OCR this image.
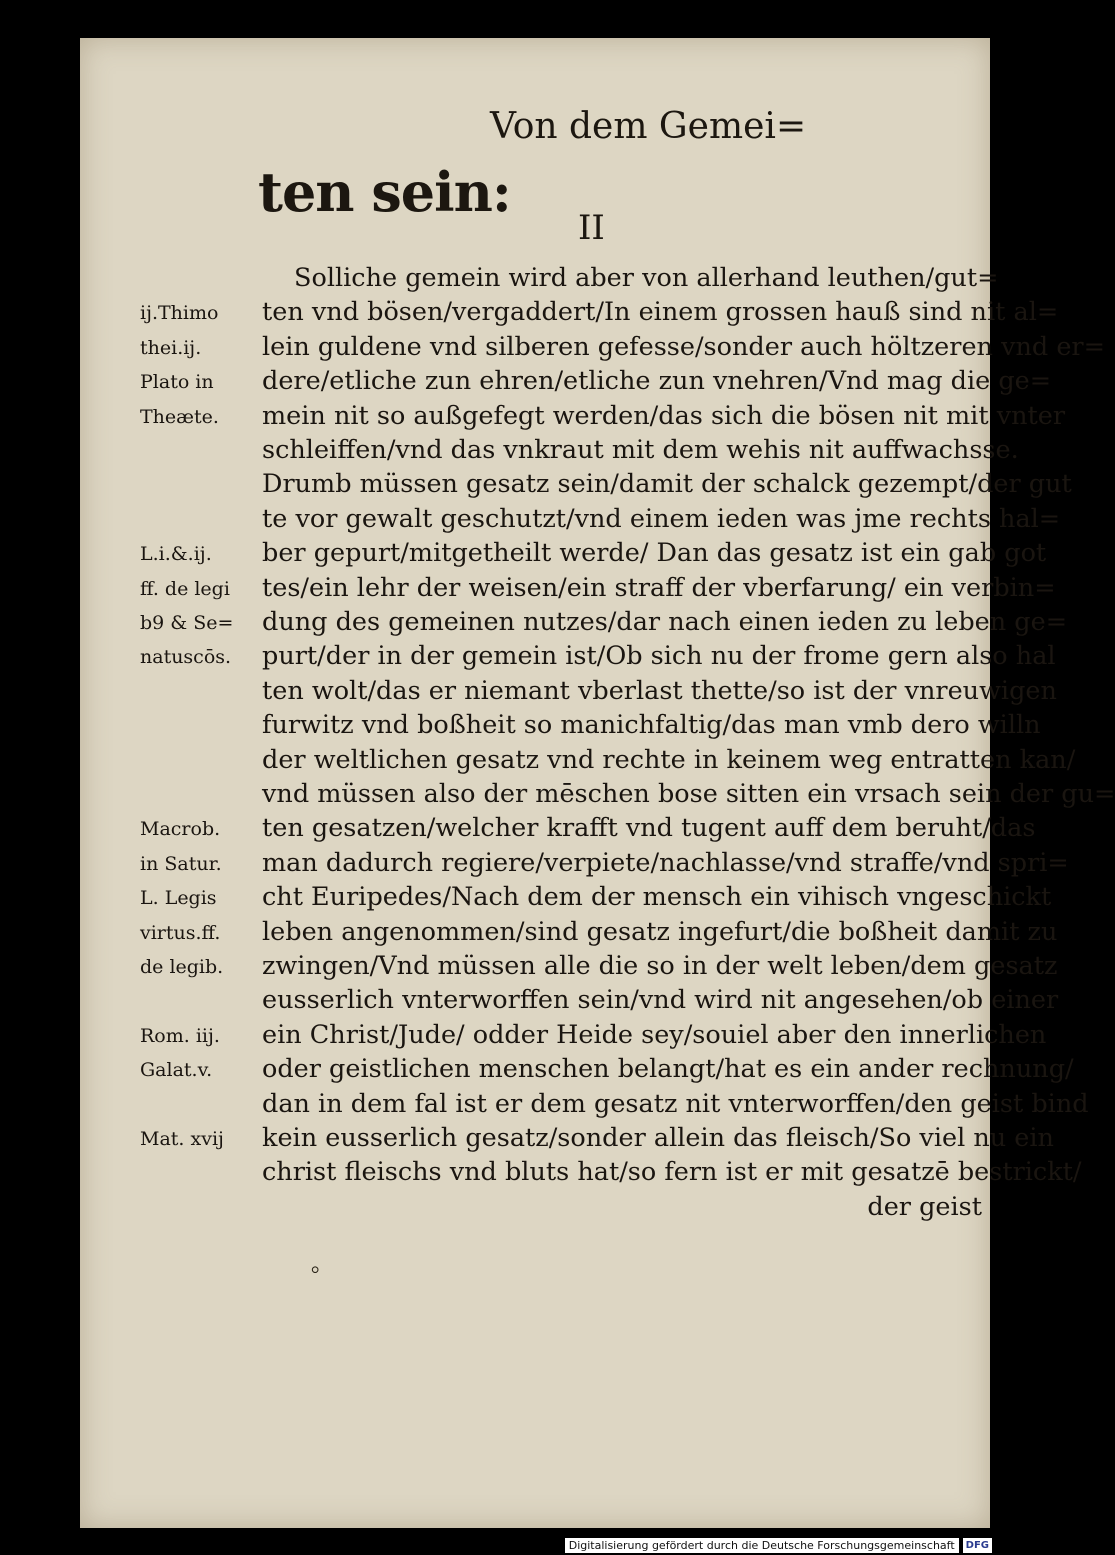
Von dem Gemei=
ten sein:
II
Solliche gemein wird aber von allerhand leuthen/gut=
ten vnd bösen/vergaddert/In einem grossen hauß sind nit al=
lein guldene vnd silberen gefesse/sonder auch höltzeren vnd er=
dere/etliche zun ehren/etliche zun vnehren/Vnd mag die ge=
mein nit so außgefegt werden/das sich die bösen nit mit vnter
schleiffen/vnd das vnkraut mit dem wehis nit auffwachsse.
Drumb müssen gesatz sein/damit der schalck gezempt/der gut
te vor gewalt geschutzt/vnd einem ieden was jme rechts hal=
ber gepurt/mitgetheilt werde/ Dan das gesatz ist ein gab got
tes/ein lehr der weisen/ein straff der vberfarung/ ein verbin=
dung des gemeinen nutzes/dar nach einen ieden zu leben ge=
purt/der in der gemein ist/Ob sich nu der frome gern also hal
ten wolt/das er niemant vberlast thette/so ist der vnreuwigen
furwitz vnd boßheit so manichfaltig/das man vmb dero willn
der weltlichen gesatz vnd rechte in keinem weg entratten kan/
vnd müssen also der mēschen bose sitten ein vrsach sein der gu=
ten gesatzen/welcher krafft vnd tugent auff dem beruht/das
man dadurch regiere/verpiete/nachlasse/vnd straffe/vnd spri=
cht Euripedes/Nach dem der mensch ein vihisch vngeschickt
leben angenommen/sind gesatz ingefurt/die boßheit damit zu
zwingen/Vnd müssen alle die so in der welt leben/dem gesatz
eusserlich vnterworffen sein/vnd wird nit angesehen/ob einer
ein Christ/Jude/ odder Heide sey/souiel aber den innerlichen
oder geistlichen menschen belangt/hat es ein ander rechnung/
dan in dem fal ist er dem gesatz nit vnterworffen/den geist bind
kein eusserlich gesatz/sonder allein das fleisch/So viel nu ein
christ fleischs vnd bluts hat/so fern ist er mit gesatzē bestrickt/
ij.Thimo
thei.ij.
Plato in
Theæte.
L.i.&.ij.
ff. de legi
b9 & Se=
natuscōs.
Macrob.
in Satur.
L. Legis
virtus.ff.
de legib.
Rom. iij.
Galat.v.
Mat. xvij
der geist
⸰
Digitalisierung gefördert durch die Deutsche Forschungsgemeinschaft	DFG
